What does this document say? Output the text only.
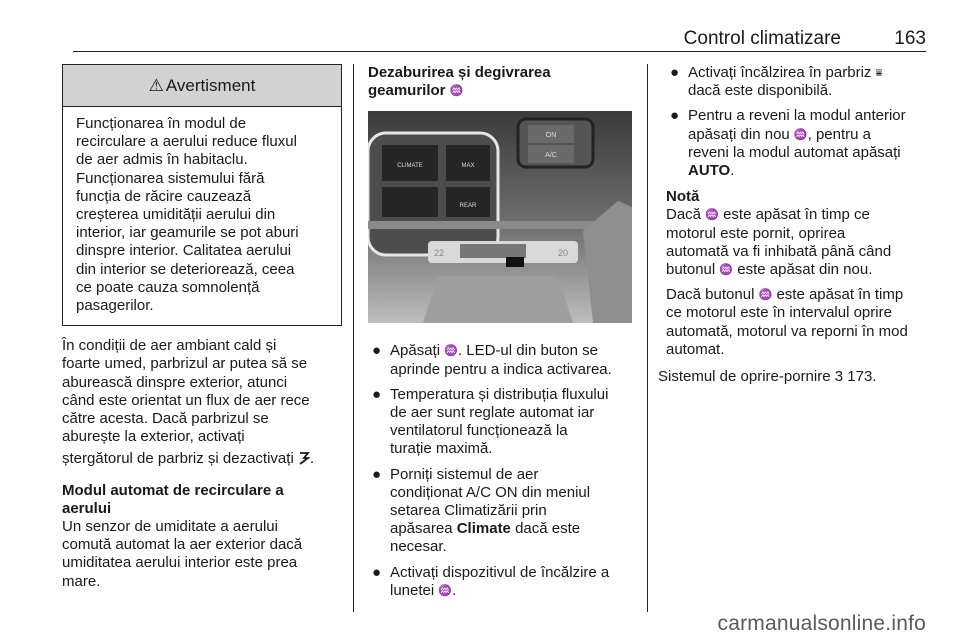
Control climatizare	163
⚠ Avertisment
Funcționarea în modul de
recirculare a aerului reduce fluxul
de aer admis în habitaclu.
Funcționarea sistemului fără
funcția de răcire cauzează
creșterea umidității aerului din
interior, iar geamurile se pot aburi
dinspre interior. Calitatea aerului
din interior se deteriorează, ceea
ce poate cauza somnolență
pasagerilor.
În condiții de aer ambiant cald și
foarte umed, parbrizul ar putea să se
aburească dinspre exterior, atunci
când este orientat un flux de aer rece
către acesta. Dacă parbrizul se
aburește la exterior, activați
ștergătorul de parbriz și dezactivați .
Modul automat de recirculare a
aerului
Un senzor de umiditate a aerului
comută automat la aer exterior dacă
umiditatea aerului interior este prea
mare.
Dezaburirea și degivrarea
geamurilor ♒
ON
A/C
CLIMATE	MAX
REAR
22	20
● Apăsați ♒. LED-ul din buton se
aprinde pentru a indica activarea.
● Temperatura și distribuția fluxului
de aer sunt reglate automat iar
ventilatorul funcționează la
turație maximă.
● Porniți sistemul de aer
condiționat A/C ON din meniul
setarea Climatizării prin
apăsarea Climate dacă este
necesar.
● Activați dispozitivul de încălzire a
lunetei ♒.
● Activați încălzirea în parbriz ⩸
dacă este disponibilă.
● Pentru a reveni la modul anterior
apăsați din nou ♒, pentru a
reveni la modul automat apăsați
AUTO.
Notă
Dacă ♒ este apăsat în timp ce
motorul este pornit, oprirea
automată va fi inhibată până când
butonul ♒ este apăsat din nou.
Dacă butonul ♒ este apăsat în timp
ce motorul este în intervalul oprire
automată, motorul va reporni în mod
automat.
Sistemul de oprire-pornire 3 173.
carmanualsonline.info
